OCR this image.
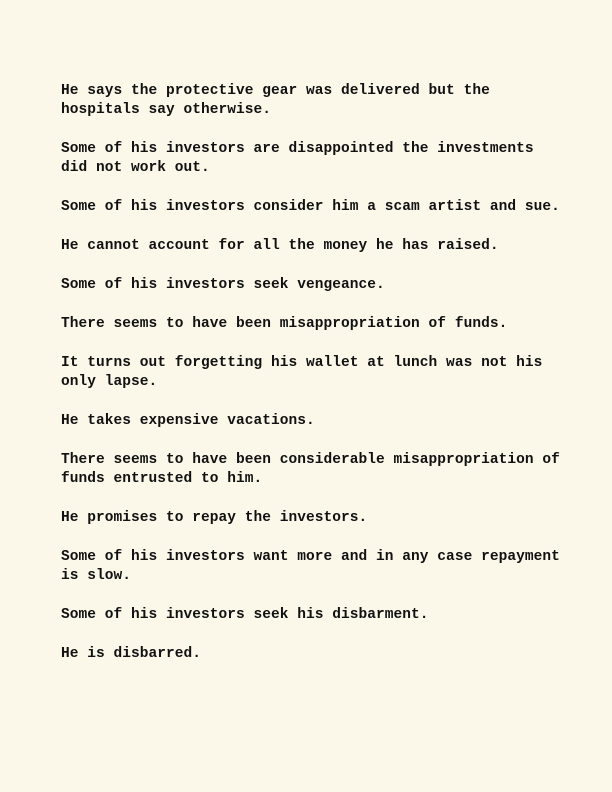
He says the protective gear was delivered but the hospitals say otherwise.

Some of his investors are disappointed the investments did not work out.

Some of his investors consider him a scam artist and sue.

He cannot account for all the money he has raised.

Some of his investors seek vengeance.

There seems to have been misappropriation of funds.

It turns out forgetting his wallet at lunch was not his only lapse.

He takes expensive vacations.

There seems to have been considerable misappropriation of funds entrusted to him.

He promises to repay the investors.

Some of his investors want more and in any case repayment is slow.

Some of his investors seek his disbarment.

He is disbarred.
